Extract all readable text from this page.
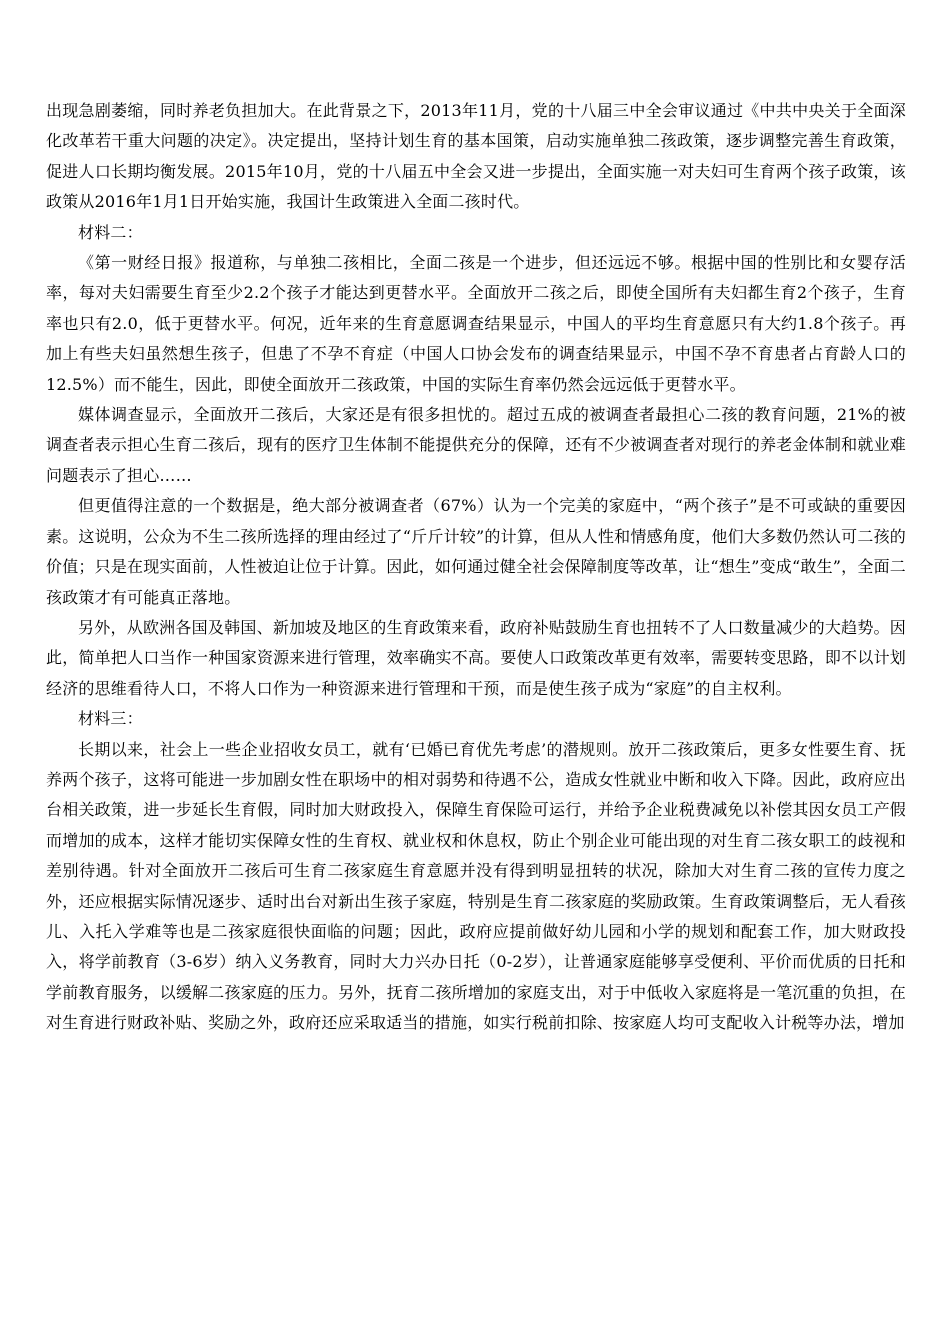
出现急剧萎缩，同时养老负担加大。在此背景之下，2013年11月，党的十八届三中全会审议通过《中共中央关于全面深化改革若干重大问题的决定》。决定提出，坚持计划生育的基本国策，启动实施单独二孩政策，逐步调整完善生育政策，促进人口长期均衡发展。2015年10月，党的十八届五中全会又进一步提出，全面实施一对夫妇可生育两个孩子政策，该政策从2016年1月1日开始实施，我国计生政策进入全面二孩时代。

材料二：

《第一财经日报》报道称，与单独二孩相比，全面二孩是一个进步，但还远远不够。根据中国的性别比和女婴存活率，每对夫妇需要生育至少2.2个孩子才能达到更替水平。全面放开二孩之后，即使全国所有夫妇都生育2个孩子，生育率也只有2.0，低于更替水平。何况，近年来的生育意愿调查结果显示，中国人的平均生育意愿只有大约1.8个孩子。再加上有些夫妇虽然想生孩子，但患了不孕不育症（中国人口协会发布的调查结果显示，中国不孕不育患者占育龄人口的12.5%）而不能生，因此，即使全面放开二孩政策，中国的实际生育率仍然会远远低于更替水平。

媒体调查显示，全面放开二孩后，大家还是有很多担忧的。超过五成的被调查者最担心二孩的教育问题，21%的被调查者表示担心生育二孩后，现有的医疗卫生体制不能提供充分的保障，还有不少被调查者对现行的养老金体制和就业难问题表示了担心……

但更值得注意的一个数据是，绝大部分被调查者（67%）认为一个完美的家庭中，“两个孩子”是不可或缺的重要因素。这说明，公众为不生二孩所选择的理由经过了“斤斤计较”的计算，但从人性和情感角度，他们大多数仍然认可二孩的价值；只是在现实面前，人性被迫让位于计算。因此，如何通过健全社会保障制度等改革，让“想生”变成“敢生”，全面二孩政策才有可能真正落地。

另外，从欧洲各国及韩国、新加坡及地区的生育政策来看，政府补贴鼓励生育也扭转不了人口数量减少的大趋势。因此，简单把人口当作一种国家资源来进行管理，效率确实不高。要使人口政策改革更有效率，需要转变思路，即不以计划经济的思维看待人口，不将人口作为一种资源来进行管理和干预，而是使生孩子成为“家庭”的自主权利。

材料三：

长期以来，社会上一些企业招收女员工，就有‘已婚已育优先考虑’的潜规则。放开二孩政策后，更多女性要生育、抚养两个孩子，这将可能进一步加剧女性在职场中的相对弱势和待遇不公，造成女性就业中断和收入下降。因此，政府应出台相关政策，进一步延长生育假，同时加大财政投入，保障生育保险可运行，并给予企业税费减免以补偿其因女员工产假而增加的成本，这样才能切实保障女性的生育权、就业权和休息权，防止个别企业可能出现的对生育二孩女职工的歧视和差别待遇。针对全面放开二孩后可生育二孩家庭生育意愿并没有得到明显扭转的状况，除加大对生育二孩的宣传力度之外，还应根据实际情况逐步、适时出台对新出生孩子家庭，特别是生育二孩家庭的奖励政策。生育政策调整后，无人看孩儿、入托入学难等也是二孩家庭很快面临的问题；因此，政府应提前做好幼儿园和小学的规划和配套工作，加大财政投入，将学前教育（3-6岁）纳入义务教育，同时大力兴办日托（0-2岁），让普通家庭能够享受便利、平价而优质的日托和学前教育服务，以缓解二孩家庭的压力。另外，抚育二孩所增加的家庭支出，对于中低收入家庭将是一笔沉重的负担，在对生育进行财政补贴、奖励之外，政府还应采取适当的措施，如实行税前扣除、按家庭人均可支配收入计税等办法，增加
